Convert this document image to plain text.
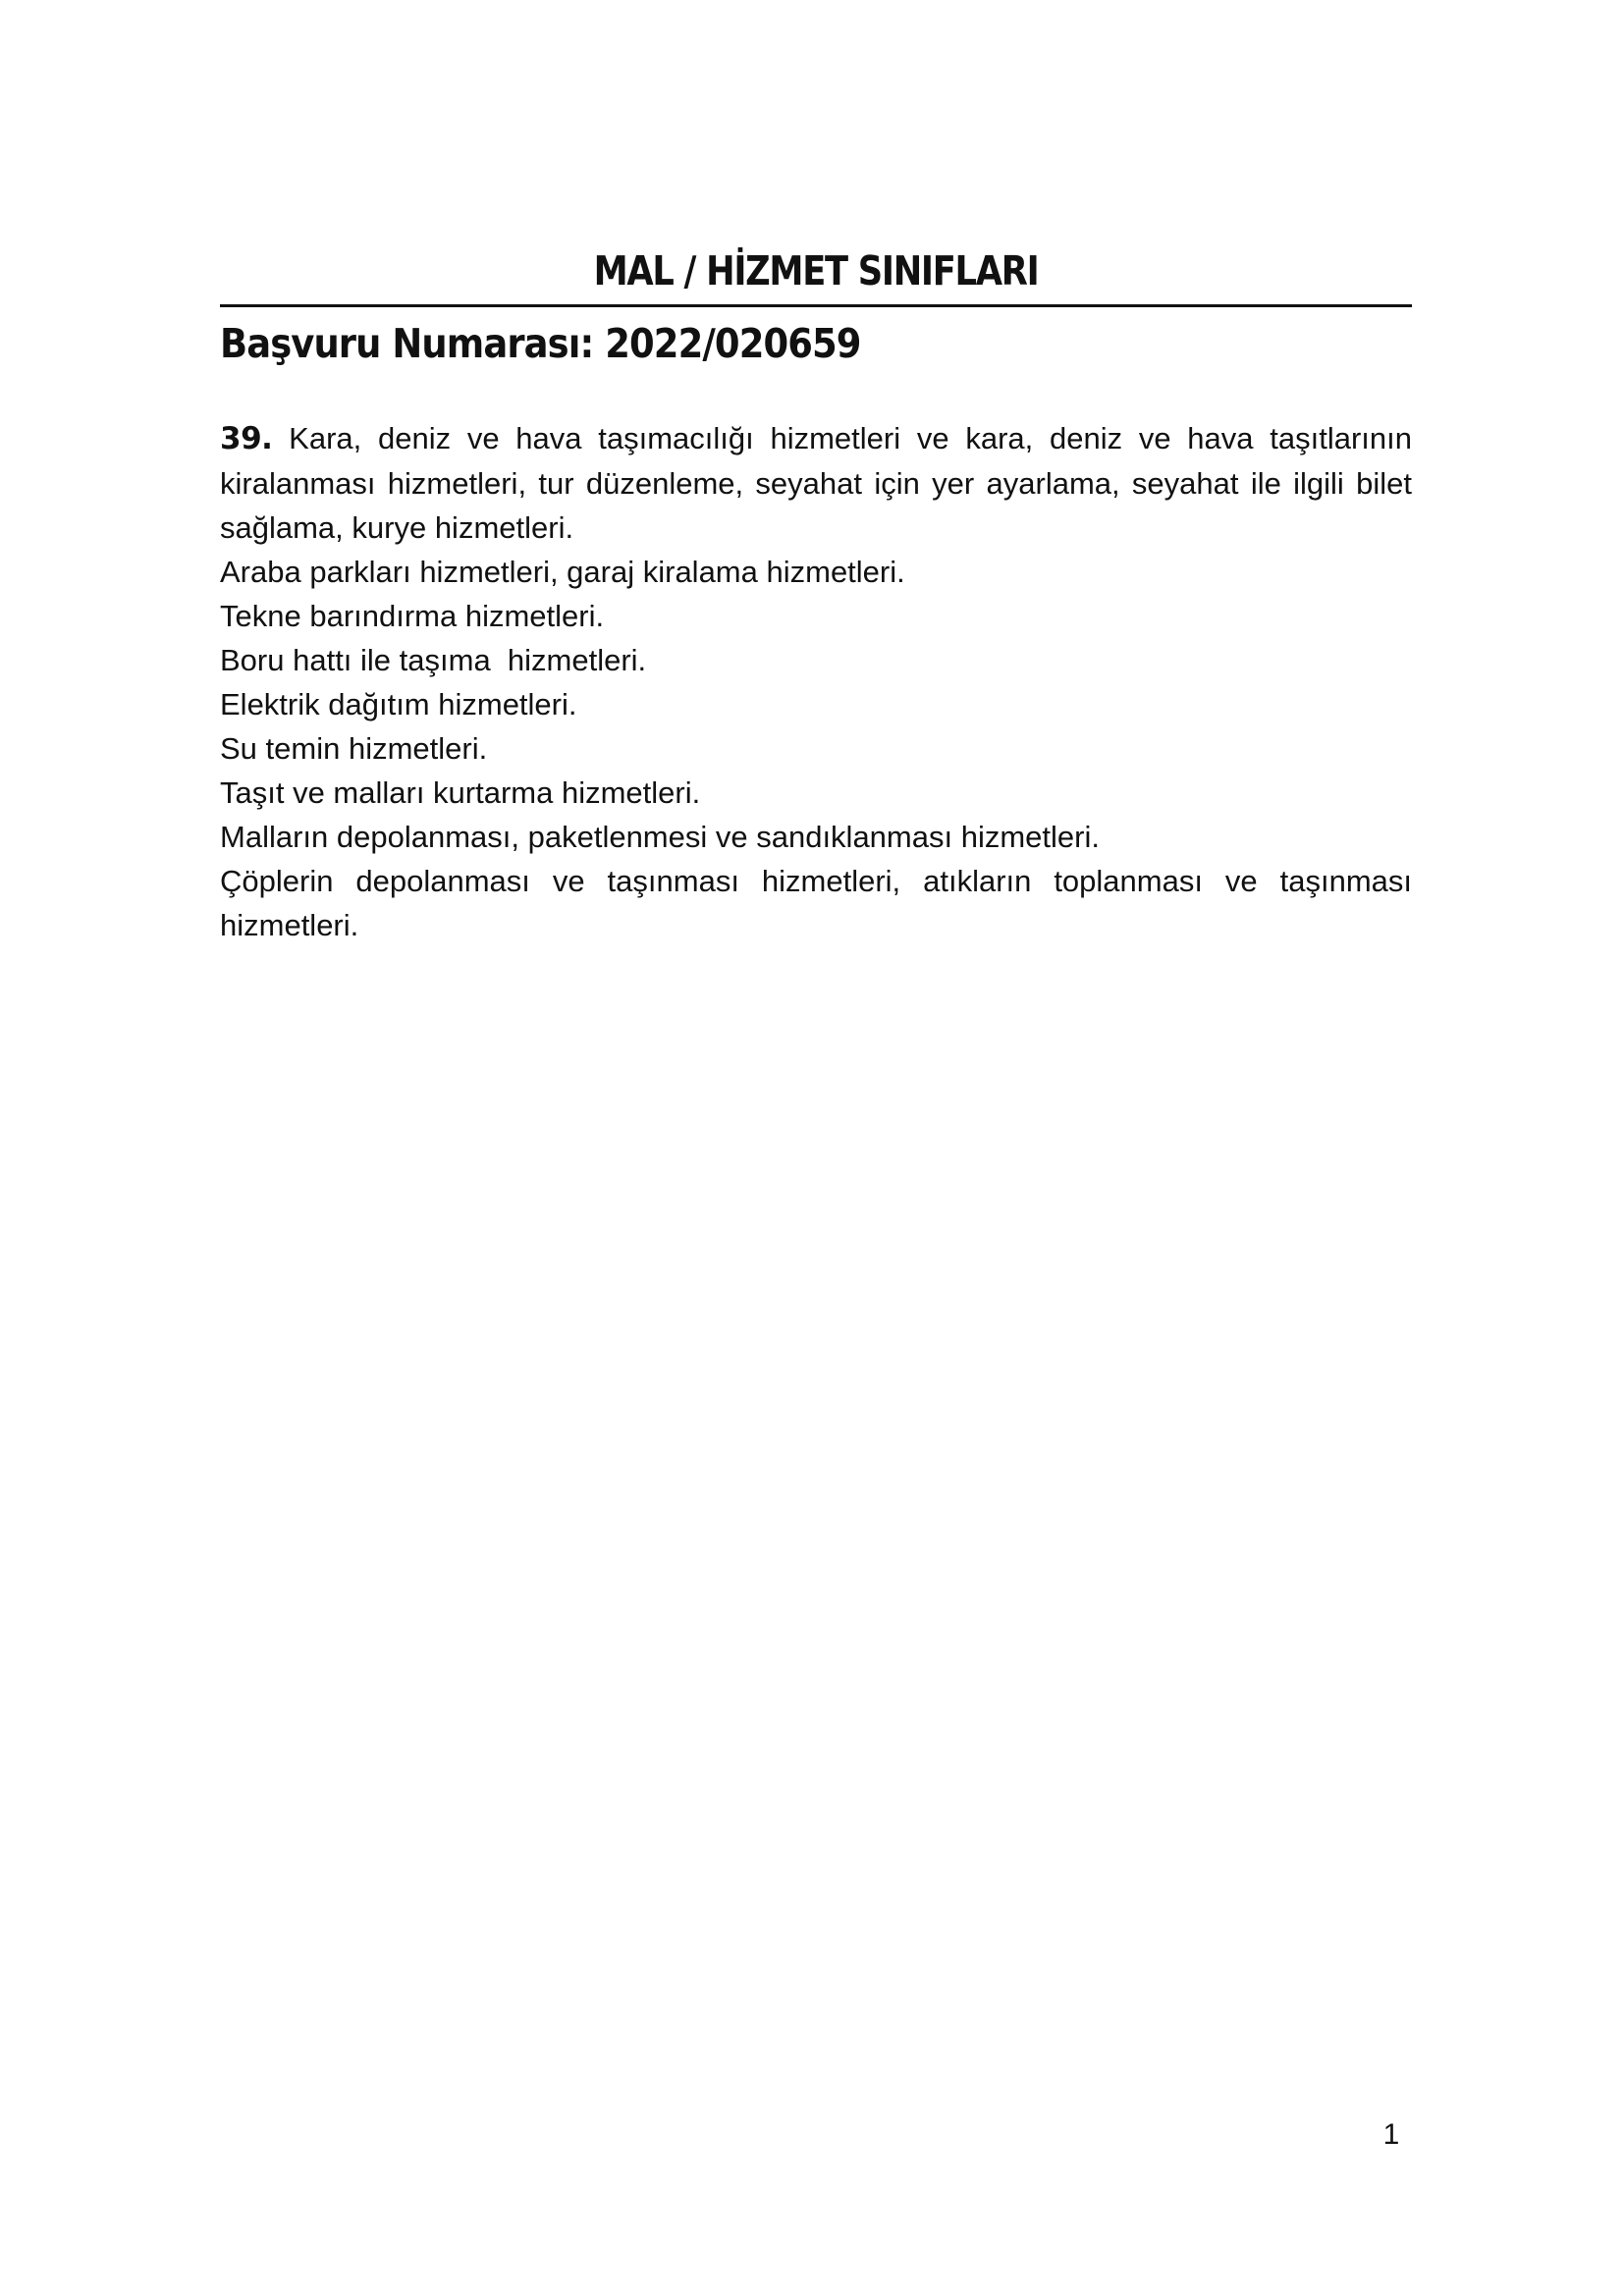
MAL / HİZMET SINIFLARI
Başvuru Numarası: 2022/020659

39. Kara, deniz ve hava taşımacılığı hizmetleri ve kara, deniz ve hava taşıtlarının kiralanması hizmetleri, tur düzenleme, seyahat için yer ayarlama, seyahat ile ilgili bilet sağlama, kurye hizmetleri.

Araba parkları hizmetleri, garaj kiralama hizmetleri.

Tekne barındırma hizmetleri.

Boru hattı ile taşıma  hizmetleri.

Elektrik dağıtım hizmetleri.

Su temin hizmetleri.

Taşıt ve malları kurtarma hizmetleri.

Malların depolanması, paketlenmesi ve sandıklanması hizmetleri.

Çöplerin depolanması ve taşınması hizmetleri, atıkların toplanması ve taşınması hizmetleri.

1
